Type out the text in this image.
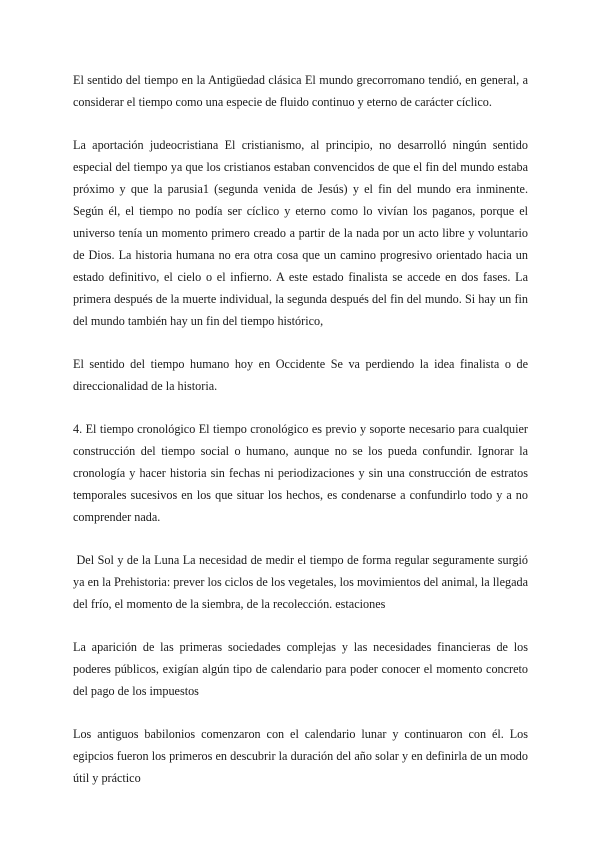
El sentido del tiempo en la Antigüedad clásica El mundo grecorromano tendió, en general, a considerar el tiempo como una especie de fluido continuo y eterno de carácter cíclico.

La aportación judeocristiana El cristianismo, al principio, no desarrolló ningún sentido especial del tiempo ya que los cristianos estaban convencidos de que el fin del mundo estaba próximo y que la parusia1 (segunda venida de Jesús) y el fin del mundo era inminente. Según él, el tiempo no podía ser cíclico y eterno como lo vivían los paganos, porque el universo tenía un momento primero creado a partir de la nada por un acto libre y voluntario de Dios. La historia humana no era otra cosa que un camino progresivo orientado hacia un estado definitivo, el cielo o el infierno. A este estado finalista se accede en dos fases. La primera después de la muerte individual, la segunda después del fin del mundo. Si hay un fin del mundo también hay un fin del tiempo histórico,

El sentido del tiempo humano hoy en Occidente Se va perdiendo la idea finalista o de direccionalidad de la historia.

4. El tiempo cronológico El tiempo cronológico es previo y soporte necesario para cualquier construcción del tiempo social o humano, aunque no se los pueda confundir. Ignorar la cronología y hacer historia sin fechas ni periodizaciones y sin una construcción de estratos temporales sucesivos en los que situar los hechos, es condenarse a confundirlo todo y a no comprender nada.

Del Sol y de la Luna La necesidad de medir el tiempo de forma regular seguramente surgió ya en la Prehistoria: prever los ciclos de los vegetales, los movimientos del animal, la llegada del frío, el momento de la siembra, de la recolección. estaciones

La aparición de las primeras sociedades complejas y las necesidades financieras de los poderes públicos, exigían algún tipo de calendario para poder conocer el momento concreto del pago de los impuestos

Los antiguos babilonios comenzaron con el calendario lunar y continuaron con él. Los egipcios fueron los primeros en descubrir la duración del año solar y en definirla de un modo útil y práctico
